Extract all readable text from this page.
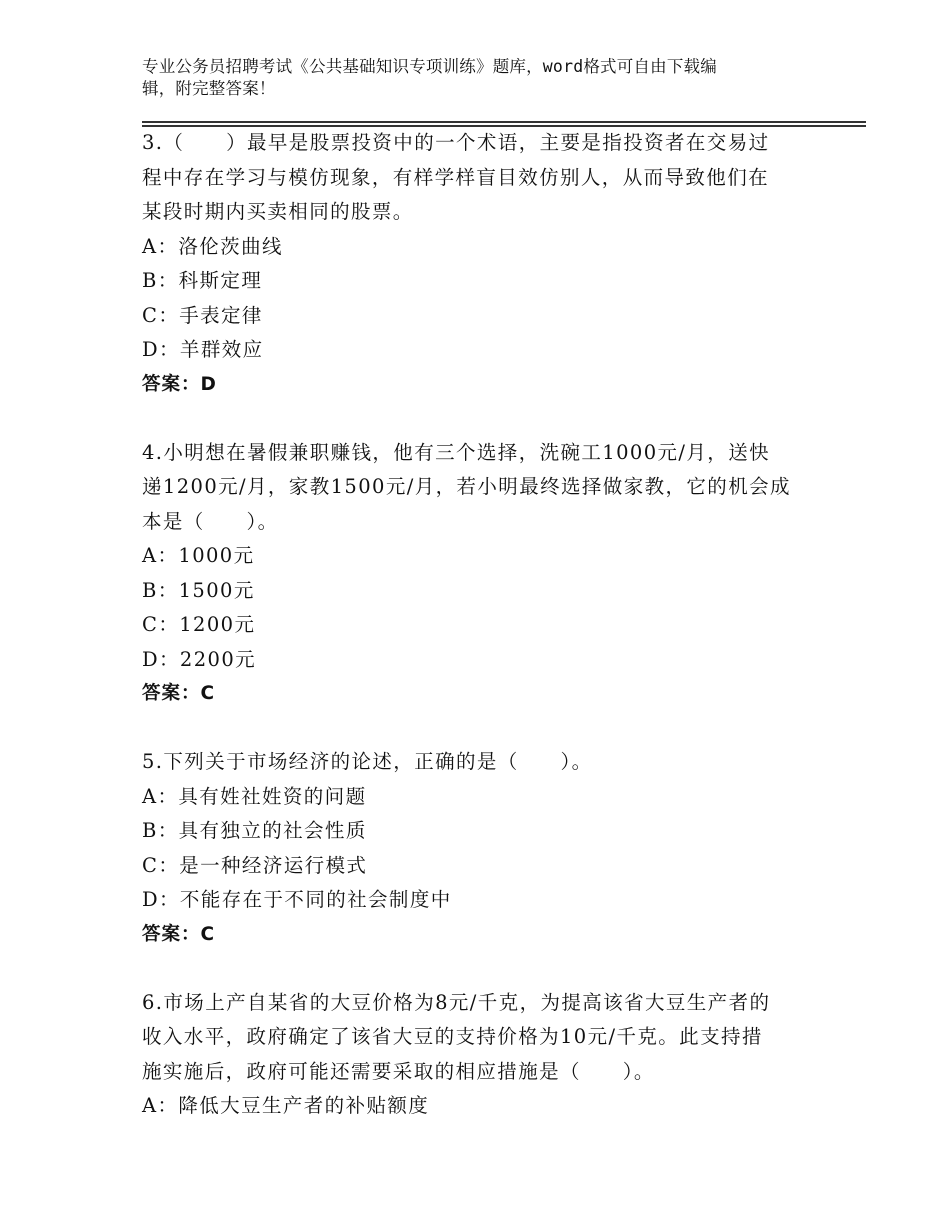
专业公务员招聘考试《公共基础知识专项训练》题库，word格式可自由下载编
辑，附完整答案！

3.（　　）最早是股票投资中的一个术语，主要是指投资者在交易过

程中存在学习与模仿现象，有样学样盲目效仿别人，从而导致他们在

某段时期内买卖相同的股票。

A：洛伦茨曲线
B：科斯定理
C：手表定律
D：羊群效应
答案：D

4.小明想在暑假兼职赚钱，他有三个选择，洗碗工1000元/月，送快

递1200元/月，家教1500元/月，若小明最终选择做家教，它的机会成

本是（　　）。

A：1000元
B：1500元
C：1200元
D：2200元
答案：C

5.下列关于市场经济的论述，正确的是（　　）。

A：具有姓社姓资的问题
B：具有独立的社会性质
C：是一种经济运行模式
D：不能存在于不同的社会制度中
答案：C

6.市场上产自某省的大豆价格为8元/千克，为提高该省大豆生产者的

收入水平，政府确定了该省大豆的支持价格为10元/千克。此支持措

施实施后，政府可能还需要采取的相应措施是（　　）。

A：降低大豆生产者的补贴额度
